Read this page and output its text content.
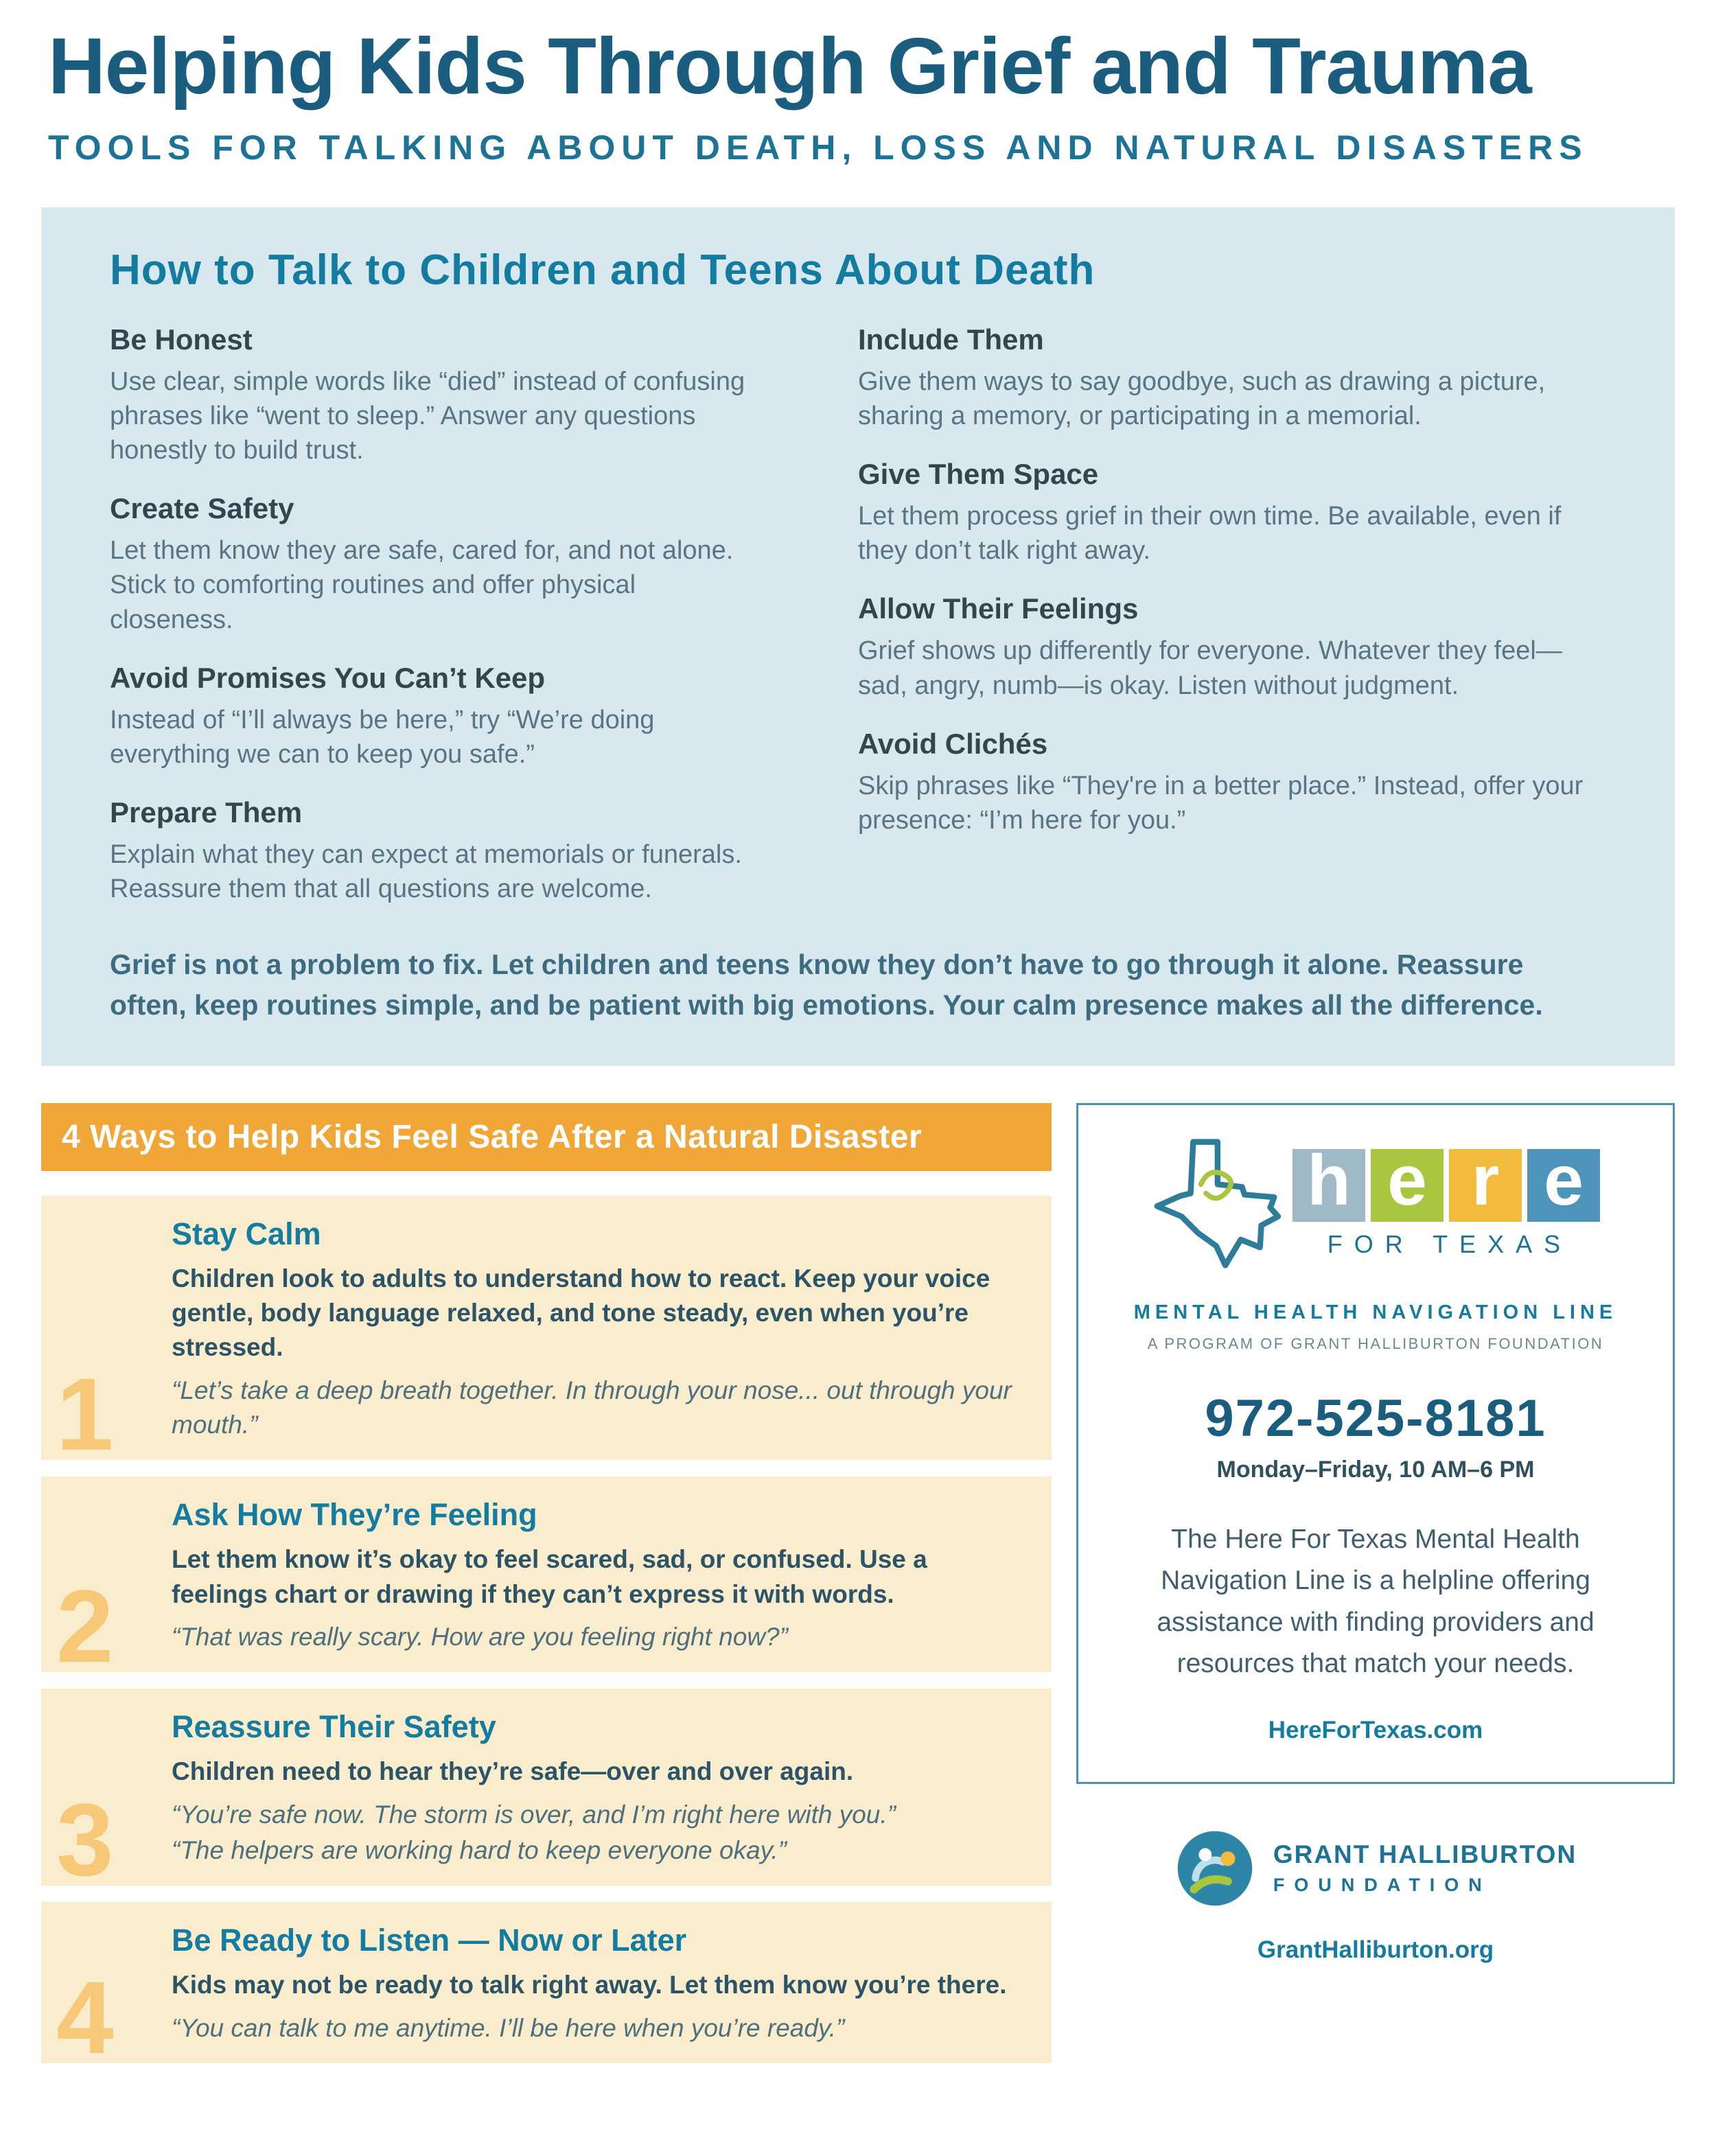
Helping Kids Through Grief and Trauma
TOOLS FOR TALKING ABOUT DEATH, LOSS AND NATURAL DISASTERS
How to Talk to Children and Teens About Death
Be Honest
Use clear, simple words like “died” instead of confusing phrases like “went to sleep.” Answer any questions honestly to build trust.
Create Safety
Let them know they are safe, cared for, and not alone. Stick to comforting routines and offer physical closeness.
Avoid Promises You Can’t Keep
Instead of “I’ll always be here,” try “We’re doing everything we can to keep you safe.”
Prepare Them
Explain what they can expect at memorials or funerals. Reassure them that all questions are welcome.
Include Them
Give them ways to say goodbye, such as drawing a picture, sharing a memory, or participating in a memorial.
Give Them Space
Let them process grief in their own time. Be available, even if they don’t talk right away.
Allow Their Feelings
Grief shows up differently for everyone. Whatever they feel—sad, angry, numb—is okay. Listen without judgment.
Avoid Clichés
Skip phrases like “They're in a better place.” Instead, offer your presence: “I’m here for you.”

Grief is not a problem to fix. Let children and teens know they don’t have to go through it alone. Reassure often, keep routines simple, and be patient with big emotions. Your calm presence makes all the difference.

4 Ways to Help Kids Feel Safe After a Natural Disaster
1
Stay Calm
Children look to adults to understand how to react. Keep your voice gentle, body language relaxed, and tone steady, even when you’re stressed.
“Let’s take a deep breath together. In through your nose... out through your mouth.”
2
Ask How They’re Feeling
Let them know it’s okay to feel scared, sad, or confused. Use a feelings chart or drawing if they can’t express it with words.
“That was really scary. How are you feeling right now?”
3
Reassure Their Safety
Children need to hear they’re safe—over and over again.
“You’re safe now. The storm is over, and I’m right here with you.”
“The helpers are working hard to keep everyone okay.”
4
Be Ready to Listen — Now or Later
Kids may not be ready to talk right away. Let them know you’re there.
“You can talk to me anytime. I’ll be here when you’re ready.”
h e r e
FOR TEXAS
MENTAL HEALTH NAVIGATION LINE
A PROGRAM OF GRANT HALLIBURTON FOUNDATION
972-525-8181
Monday–Friday, 10 AM–6 PM

The Here For Texas Mental Health Navigation Line is a helpline offering assistance with finding providers and resources that match your needs.

HereForTexas.com
GRANT HALLIBURTON
FOUNDATION
GrantHalliburton.org
